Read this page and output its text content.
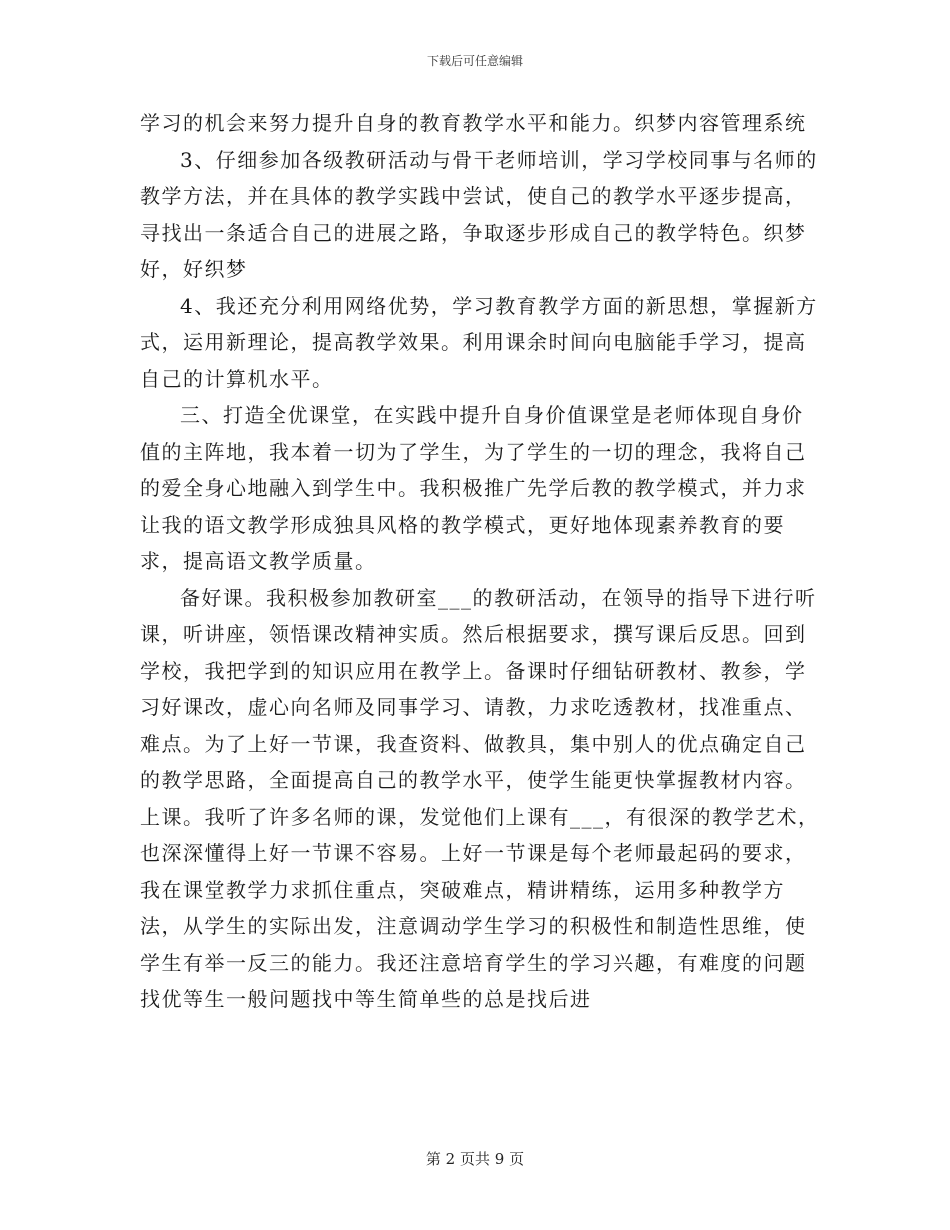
下载后可任意编辑

学习的机会来努力提升自身的教育教学水平和能力。织梦内容管理系统

3、仔细参加各级教研活动与骨干老师培训，学习学校同事与名师的教学方法，并在具体的教学实践中尝试，使自己的教学水平逐步提高，寻找出一条适合自己的进展之路，争取逐步形成自己的教学特色。织梦好，好织梦

4、我还充分利用网络优势，学习教育教学方面的新思想，掌握新方式，运用新理论，提高教学效果。利用课余时间向电脑能手学习，提高自己的计算机水平。

三、打造全优课堂，在实践中提升自身价值课堂是老师体现自身价值的主阵地，我本着一切为了学生，为了学生的一切的理念，我将自己的爱全身心地融入到学生中。我积极推广先学后教的教学模式，并力求让我的语文教学形成独具风格的教学模式，更好地体现素养教育的要求，提高语文教学质量。

备好课。我积极参加教研室___的教研活动，在领导的指导下进行听课，听讲座，领悟课改精神实质。然后根据要求，撰写课后反思。回到学校，我把学到的知识应用在教学上。备课时仔细钻研教材、教参，学习好课改，虚心向名师及同事学习、请教，力求吃透教材，找准重点、难点。为了上好一节课，我查资料、做教具，集中别人的优点确定自己的教学思路，全面提高自己的教学水平，使学生能更快掌握教材内容。上课。我听了许多名师的课，发觉他们上课有___，有很深的教学艺术，也深深懂得上好一节课不容易。上好一节课是每个老师最起码的要求，我在课堂教学力求抓住重点，突破难点，精讲精练，运用多种教学方法，从学生的实际出发，注意调动学生学习的积极性和制造性思维，使学生有举一反三的能力。我还注意培育学生的学习兴趣，有难度的问题找优等生一般问题找中等生简单些的总是找后进

第 2 页共 9 页
